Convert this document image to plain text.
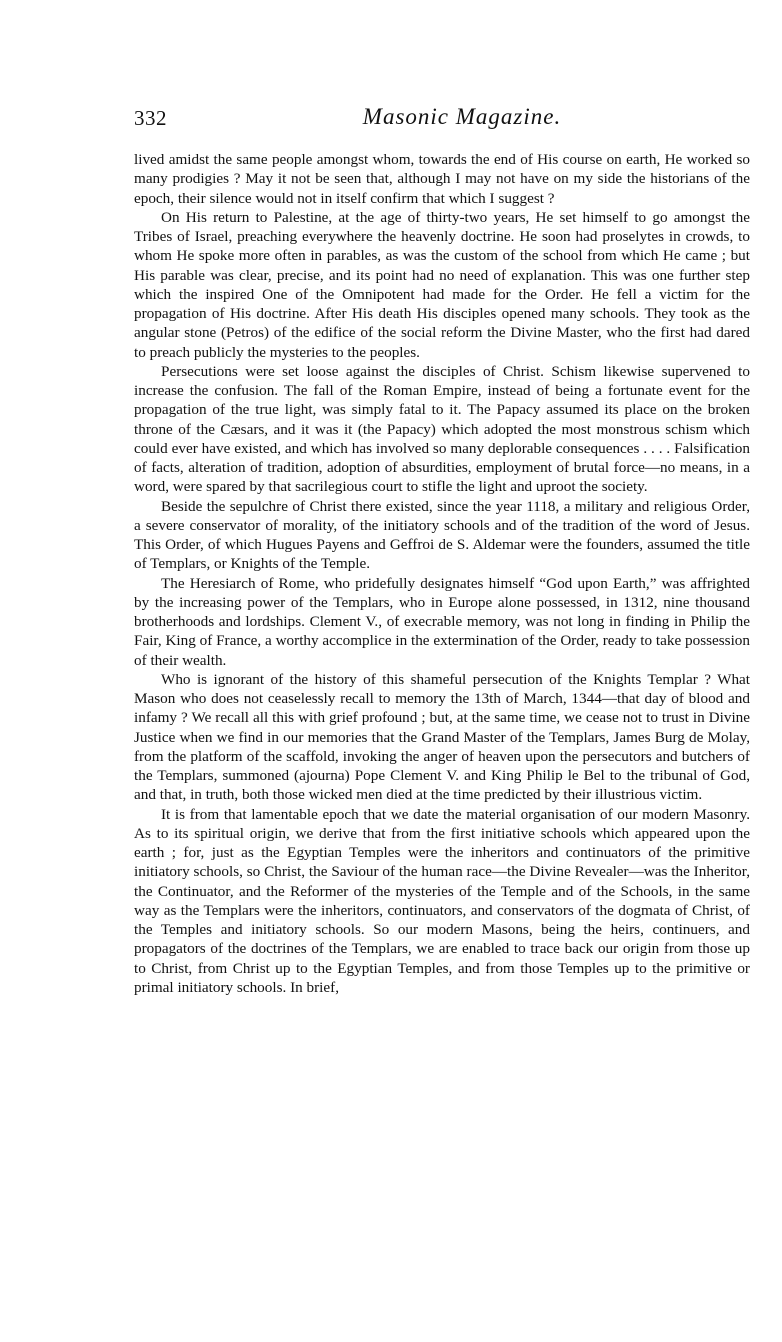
332	Masonic Magazine.

lived amidst the same people amongst whom, towards the end of His course on earth, He worked so many prodigies ? May it not be seen that, although I may not have on my side the historians of the epoch, their silence would not in itself confirm that which I suggest ?

On His return to Palestine, at the age of thirty-two years, He set himself to go amongst the Tribes of Israel, preaching everywhere the heavenly doctrine. He soon had proselytes in crowds, to whom He spoke more often in parables, as was the custom of the school from which He came ; but His parable was clear, precise, and its point had no need of explanation. This was one further step which the inspired One of the Omnipotent had made for the Order. He fell a victim for the propagation of His doctrine. After His death His disciples opened many schools. They took as the angular stone (Petros) of the edifice of the social reform the Divine Master, who the first had dared to preach publicly the mysteries to the peoples.

Persecutions were set loose against the disciples of Christ. Schism likewise supervened to increase the confusion. The fall of the Roman Empire, instead of being a fortunate event for the propagation of the true light, was simply fatal to it. The Papacy assumed its place on the broken throne of the Cæsars, and it was it (the Papacy) which adopted the most monstrous schism which could ever have existed, and which has involved so many deplorable consequences . . . . Falsification of facts, alteration of tradition, adoption of absurdities, employment of brutal force—no means, in a word, were spared by that sacrilegious court to stifle the light and uproot the society.

Beside the sepulchre of Christ there existed, since the year 1118, a military and religious Order, a severe conservator of morality, of the initiatory schools and of the tradition of the word of Jesus. This Order, of which Hugues Payens and Geffroi de S. Aldemar were the founders, assumed the title of Templars, or Knights of the Temple.

The Heresiarch of Rome, who pridefully designates himself “God upon Earth,” was affrighted by the increasing power of the Templars, who in Europe alone possessed, in 1312, nine thousand brotherhoods and lordships. Clement V., of execrable memory, was not long in finding in Philip the Fair, King of France, a worthy accomplice in the extermination of the Order, ready to take possession of their wealth.

Who is ignorant of the history of this shameful persecution of the Knights Templar ? What Mason who does not ceaselessly recall to memory the 13th of March, 1344—that day of blood and infamy ? We recall all this with grief profound ; but, at the same time, we cease not to trust in Divine Justice when we find in our memories that the Grand Master of the Templars, James Burg de Molay, from the platform of the scaffold, invoking the anger of heaven upon the persecutors and butchers of the Templars, summoned (ajourna) Pope Clement V. and King Philip le Bel to the tribunal of God, and that, in truth, both those wicked men died at the time predicted by their illustrious victim.

It is from that lamentable epoch that we date the material organisation of our modern Masonry. As to its spiritual origin, we derive that from the first initiative schools which appeared upon the earth ; for, just as the Egyptian Temples were the inheritors and continuators of the primitive initiatory schools, so Christ, the Saviour of the human race—the Divine Revealer—was the Inheritor, the Continuator, and the Reformer of the mysteries of the Temple and of the Schools, in the same way as the Templars were the inheritors, continuators, and conservators of the dogmata of Christ, of the Temples and initiatory schools. So our modern Masons, being the heirs, continuers, and propagators of the doctrines of the Templars, we are enabled to trace back our origin from those up to Christ, from Christ up to the Egyptian Temples, and from those Temples up to the primitive or primal initiatory schools. In brief,
